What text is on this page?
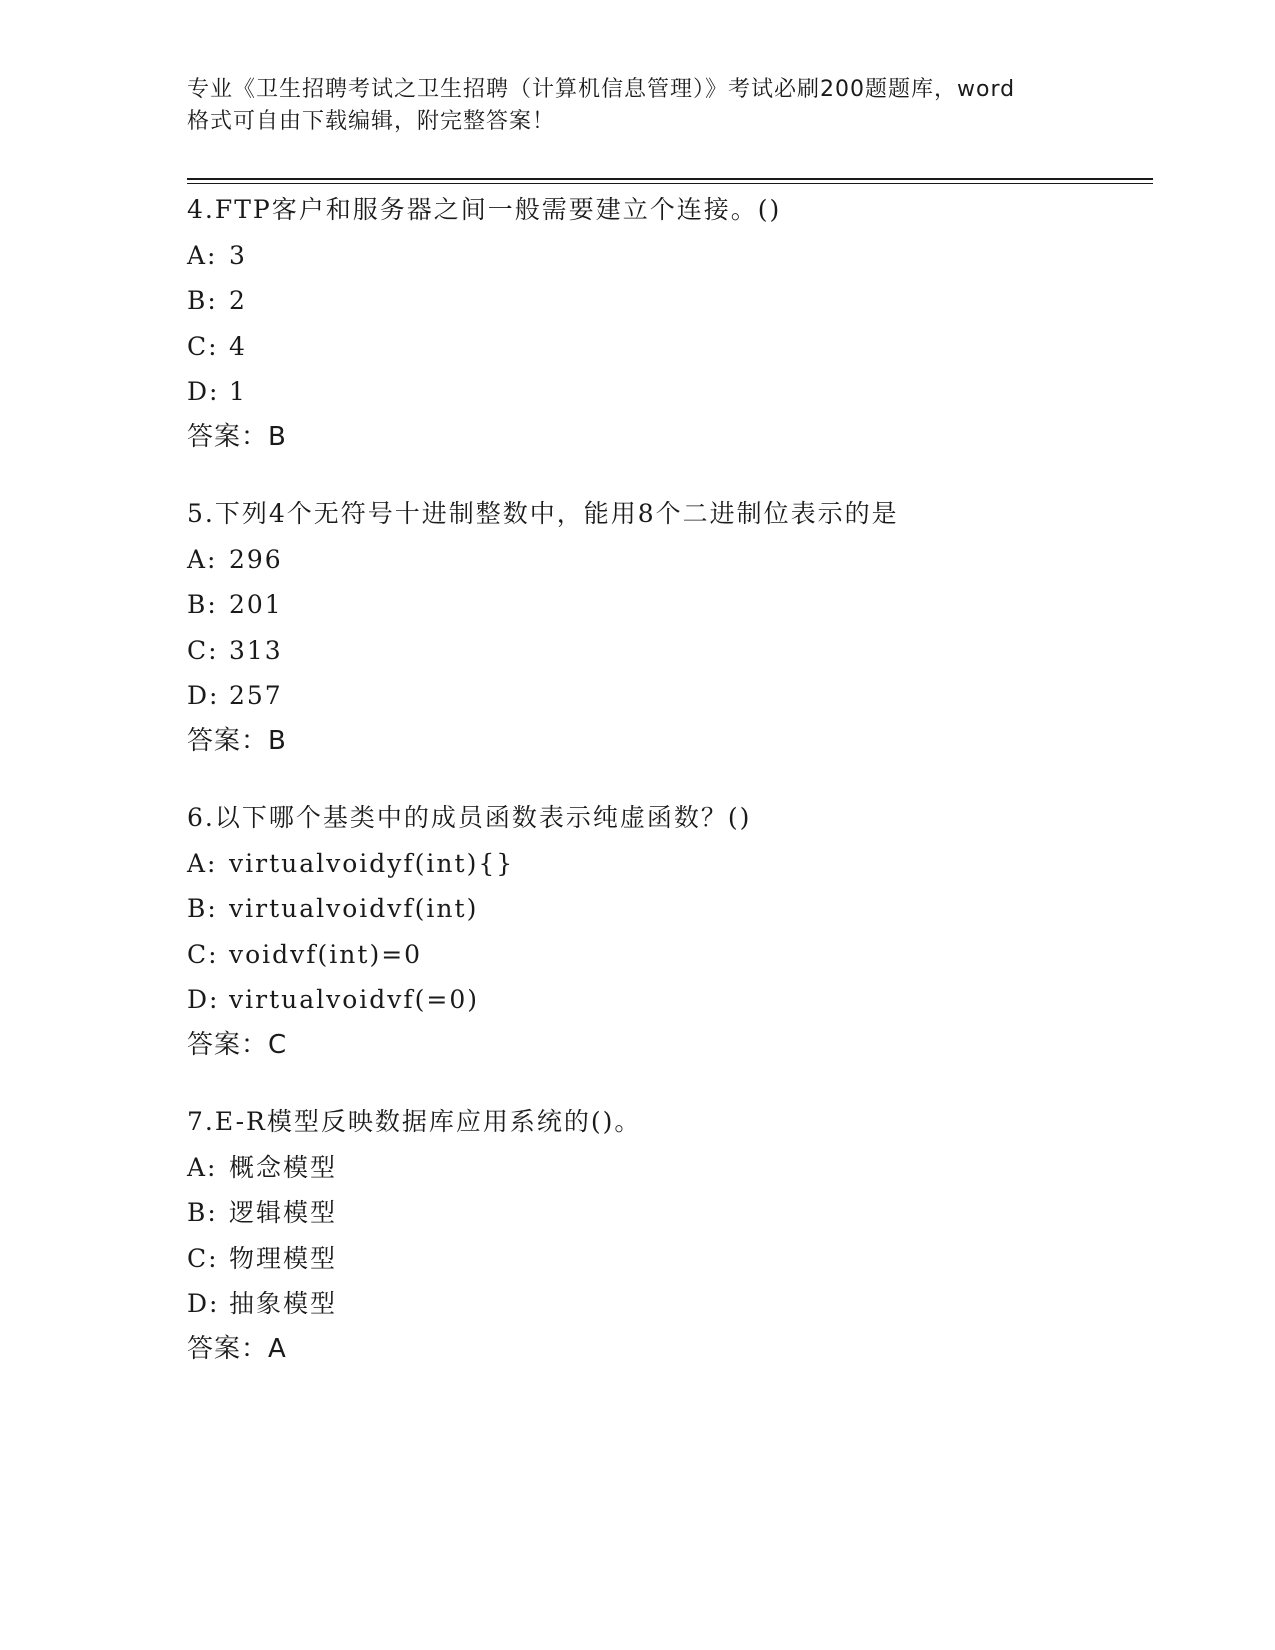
专业《卫生招聘考试之卫生招聘（计算机信息管理）》考试必刷200题题库，word
格式可自由下载编辑，附完整答案！
4.FTP客户和服务器之间一般需要建立个连接。()
A: 3
B: 2
C: 4
D: 1
答案：B
5.下列4个无符号十进制整数中，能用8个二进制位表示的是
A: 296
B: 201
C: 313
D: 257
答案：B
6.以下哪个基类中的成员函数表示纯虚函数？()
A: virtualvoidyf(int){}
B: virtualvoidvf(int)
C: voidvf(int)=0
D: virtualvoidvf(=0)
答案：C
7.E-R模型反映数据库应用系统的()。
A: 概念模型
B: 逻辑模型
C: 物理模型
D: 抽象模型
答案：A
